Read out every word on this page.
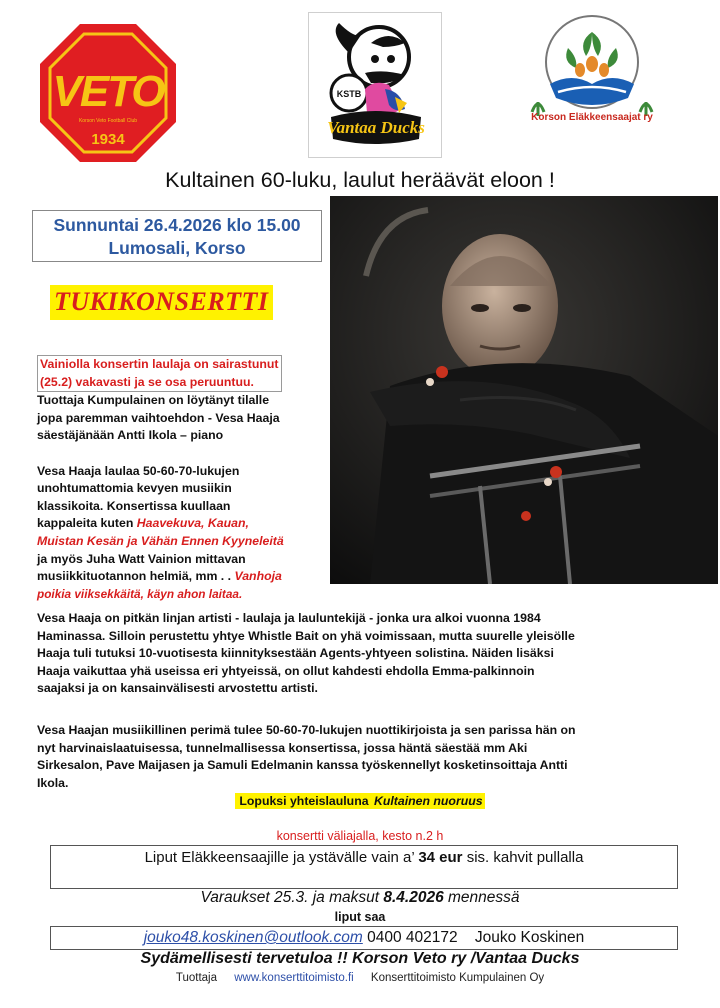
VETO
Korson Veto Football Club
1934
KSTB
Vantaa Ducks
Korson Eläkkeensaajat ry
Kultainen 60-luku, laulut heräävät eloon !
Sunnuntai 26.4.2026 klo 15.00
Lumosali, Korso
TUKIKONSERTTI
Vainiolla konsertin laulaja on sairastunut
(25.2) vakavasti ja se osa peruuntuu.
Tuottaja Kumpulainen on löytänyt tilalle
jopa paremman vaihtoehdon - Vesa Haaja
säestäjänään Antti Ikola – piano
Vesa Haaja laulaa 50-60-70-lukujen
unohtumattomia kevyen musiikin
klassikoita. Konsertissa kuullaan
kappaleita kuten Haavekuva, Kauan,
Muistan Kesän ja Vähän Ennen Kyyneleitä
ja myös Juha Watt Vainion mittavan
musiikkituotannon helmiä, mm . . Vanhoja
poikia viiksekkäitä, käyn ahon laitaa.
Vesa Haaja on pitkän linjan artisti - laulaja ja lauluntekijä - jonka ura alkoi vuonna 1984
Haminassa. Silloin perustettu yhtye Whistle Bait on yhä voimissaan, mutta suurelle yleisölle
Haaja tuli tutuksi 10-vuotisesta kiinnityksestään Agents-yhtyeen solistina. Näiden lisäksi
Haaja vaikuttaa yhä useissa eri yhtyeissä, on ollut kahdesti ehdolla Emma-palkinnoin
saajaksi ja on kansainvälisesti arvostettu artisti.
Vesa Haajan musiikillinen perimä tulee 50-60-70-lukujen nuottikirjoista ja sen parissa hän on
nyt harvinaislaatuisessa, tunnelmallisessa konsertissa, jossa häntä säestää mm Aki
Sirkesalon, Pave Maijasen ja Samuli Edelmanin kanssa työskennellyt kosketinsoittaja Antti
Ikola.
Lopuksi yhteislauluna Kultainen nuoruus
konsertti väliajalla, kesto n.2 h
Liput Eläkkeensaajille ja ystävälle vain a’ 34 eur sis. kahvit pullalla
Varaukset 25.3. ja maksut 8.4.2026 mennessä
liput saa
jouko48.koskinen@outlook.com 0400 402172 Jouko Koskinen
Sydämellisesti tervetuloa !! Korson Veto ry /Vantaa Ducks
Tuottaja www.konserttitoimisto.fi Konserttitoimisto Kumpulainen Oy
